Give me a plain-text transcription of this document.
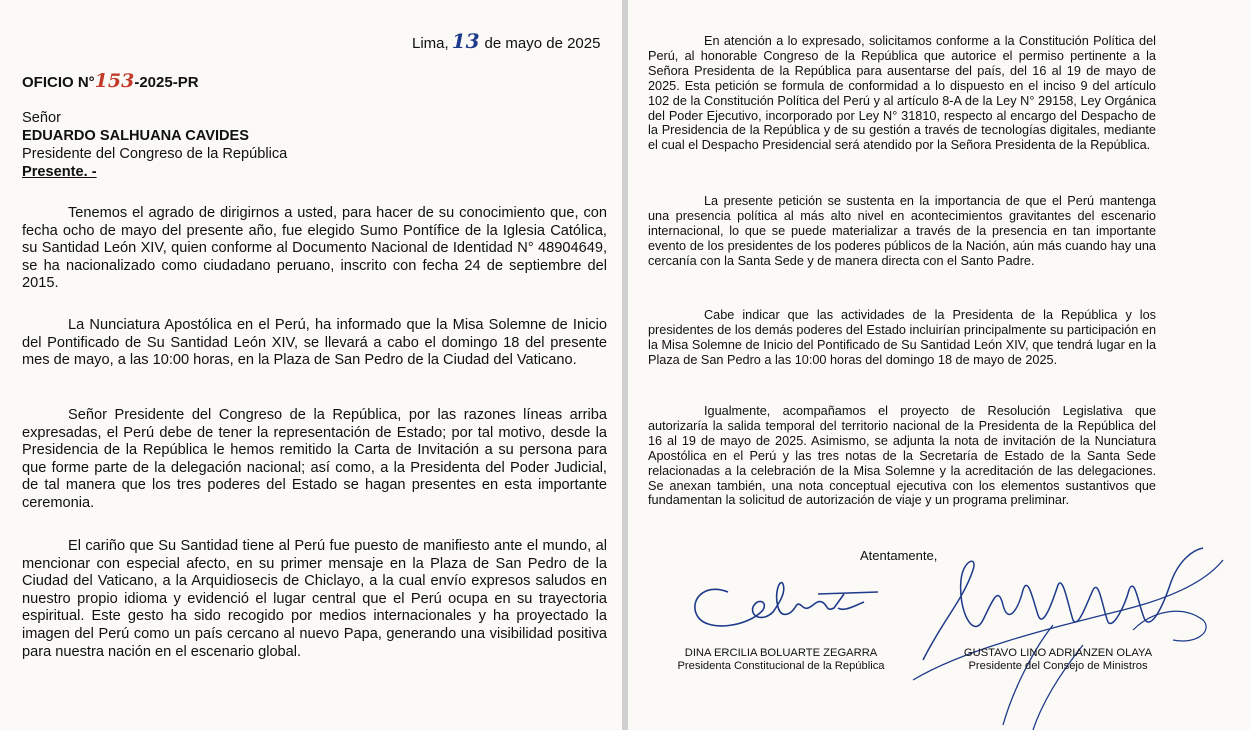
Lima, 13 de mayo de 2025
OFICIO N°153-2025-PR
Señor
EDUARDO SALHUANA CAVIDES
Presidente del Congreso de la República
Presente. -

Tenemos el agrado de dirigirnos a usted, para hacer de su conocimiento que, con fecha ocho de mayo del presente año, fue elegido Sumo Pontífice de la Iglesia Católica, su Santidad León XIV, quien conforme al Documento Nacional de Identidad N° 48904649, se ha nacionalizado como ciudadano peruano, inscrito con fecha 24 de septiembre del 2015.

La Nunciatura Apostólica en el Perú, ha informado que la Misa Solemne de Inicio del Pontificado de Su Santidad León XIV, se llevará a cabo el domingo 18 del presente mes de mayo, a las 10:00 horas, en la Plaza de San Pedro de la Ciudad del Vaticano.

Señor Presidente del Congreso de la República, por las razones líneas arriba expresadas, el Perú debe de tener la representación de Estado; por tal motivo, desde la Presidencia de la República le hemos remitido la Carta de Invitación a su persona para que forme parte de la delegación nacional; así como, a la Presidenta del Poder Judicial, de tal manera que los tres poderes del Estado se hagan presentes en esta importante ceremonia.

El cariño que Su Santidad tiene al Perú fue puesto de manifiesto ante el mundo, al mencionar con especial afecto, en su primer mensaje en la Plaza de San Pedro de la Ciudad del Vaticano, a la Arquidiosecis de Chiclayo, a la cual envío expresos saludos en nuestro propio idioma y evidenció el lugar central que el Perú ocupa en su trayectoria espiritual. Este gesto ha sido recogido por medios internacionales y ha proyectado la imagen del Perú como un país cercano al nuevo Papa, generando una visibilidad positiva para nuestra nación en el escenario global.

En atención a lo expresado, solicitamos conforme a la Constitución Política del Perú, al honorable Congreso de la República que autorice el permiso pertinente a la Señora Presidenta de la República para ausentarse del país, del 16 al 19 de mayo de 2025. Esta petición se formula de conformidad a lo dispuesto en el inciso 9 del artículo 102 de la Constitución Política del Perú y al artículo 8-A de la Ley N° 29158, Ley Orgánica del Poder Ejecutivo, incorporado por Ley N° 31810, respecto al encargo del Despacho de la Presidencia de la República y de su gestión a través de tecnologías digitales, mediante el cual el Despacho Presidencial será atendido por la Señora Presidenta de la República.

La presente petición se sustenta en la importancia de que el Perú mantenga una presencia política al más alto nivel en acontecimientos gravitantes del escenario internacional, lo que se puede materializar a través de la presencia en tan importante evento de los presidentes de los poderes públicos de la Nación, aún más cuando hay una cercanía con la Santa Sede y de manera directa con el Santo Padre.

Cabe indicar que las actividades de la Presidenta de la República y los presidentes de los demás poderes del Estado incluirían principalmente su participación en la Misa Solemne de Inicio del Pontificado de Su Santidad León XIV, que tendrá lugar en la Plaza de San Pedro a las 10:00 horas del domingo 18 de mayo de 2025.

Igualmente, acompañamos el proyecto de Resolución Legislativa que autorizaría la salida temporal del territorio nacional de la Presidenta de la República del 16 al 19 de mayo de 2025. Asimismo, se adjunta la nota de invitación de la Nunciatura Apostólica en el Perú y las tres notas de la Secretaría de Estado de la Santa Sede relacionadas a la celebración de la Misa Solemne y la acreditación de las delegaciones. Se anexan también, una nota conceptual ejecutiva con los elementos sustantivos que fundamentan la solicitud de autorización de viaje y un programa preliminar.

Atentamente,
DINA ERCILIA BOLUARTE ZEGARRA
Presidenta Constitucional de la República
GUSTAVO LINO ADRIANZEN OLAYA
Presidente del Consejo de Ministros
